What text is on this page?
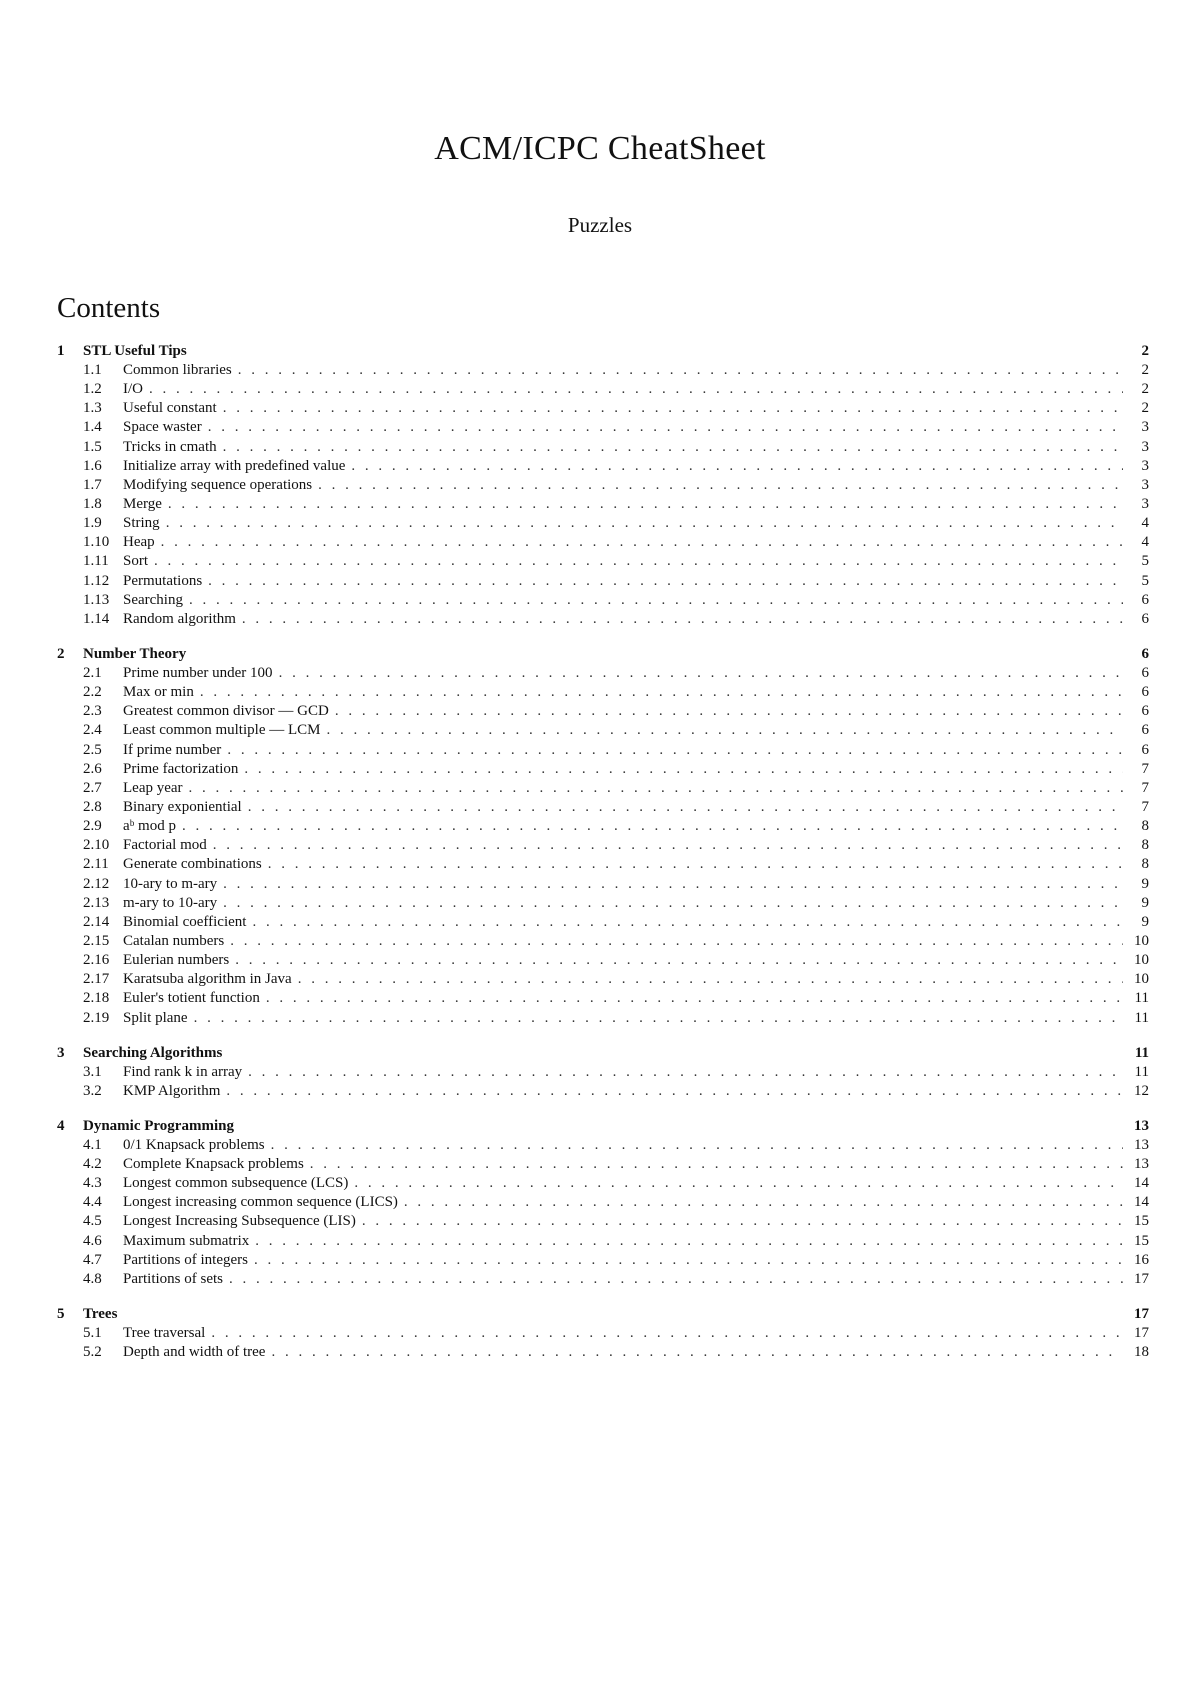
ACM/ICPC CheatSheet
Puzzles
Contents
1	STL Useful Tips	2
1.1	Common libraries . . .	2
1.2	I/O . . .	2
1.3	Useful constant . . .	2
1.4	Space waster . . .	3
1.5	Tricks in cmath . . .	3
1.6	Initialize array with predefined value . . .	3
1.7	Modifying sequence operations . . .	3
1.8	Merge . . .	3
1.9	String . . .	4
1.10 Heap . . .	4
1.11 Sort . . .	5
1.12 Permutations . . .	5
1.13 Searching . . .	6
1.14 Random algorithm . . .	6
2	Number Theory	6
2.1	Prime number under 100 . . .	6
2.2	Max or min . . .	6
2.3	Greatest common divisor — GCD . . .	6
2.4	Least common multiple — LCM . . .	6
2.5	If prime number . . .	6
2.6	Prime factorization . . .	7
2.7	Leap year . . .	7
2.8	Binary exponiential . . .	7
2.9	aᵇ mod p . . .	8
2.10 Factorial mod . . .	8
2.11 Generate combinations . . .	8
2.12 10-ary to m-ary . . .	9
2.13 m-ary to 10-ary . . .	9
2.14 Binomial coefficient . . .	9
2.15 Catalan numbers . . .	10
2.16 Eulerian numbers . . .	10
2.17 Karatsuba algorithm in Java . . .	10
2.18 Euler's totient function . . .	11
2.19 Split plane . . .	11
3	Searching Algorithms	11
3.1	Find rank k in array . . .	11
3.2	KMP Algorithm . . .	12
4	Dynamic Programming	13
4.1	0/1 Knapsack problems . . .	13
4.2	Complete Knapsack problems . . .	13
4.3	Longest common subsequence (LCS) . . .	14
4.4	Longest increasing common sequence (LICS) . . .	14
4.5	Longest Increasing Subsequence (LIS) . . .	15
4.6	Maximum submatrix . . .	15
4.7	Partitions of integers . . .	16
4.8	Partitions of sets . . .	17
5	Trees	17
5.1	Tree traversal . . .	17
5.2	Depth and width of tree . . .	18
